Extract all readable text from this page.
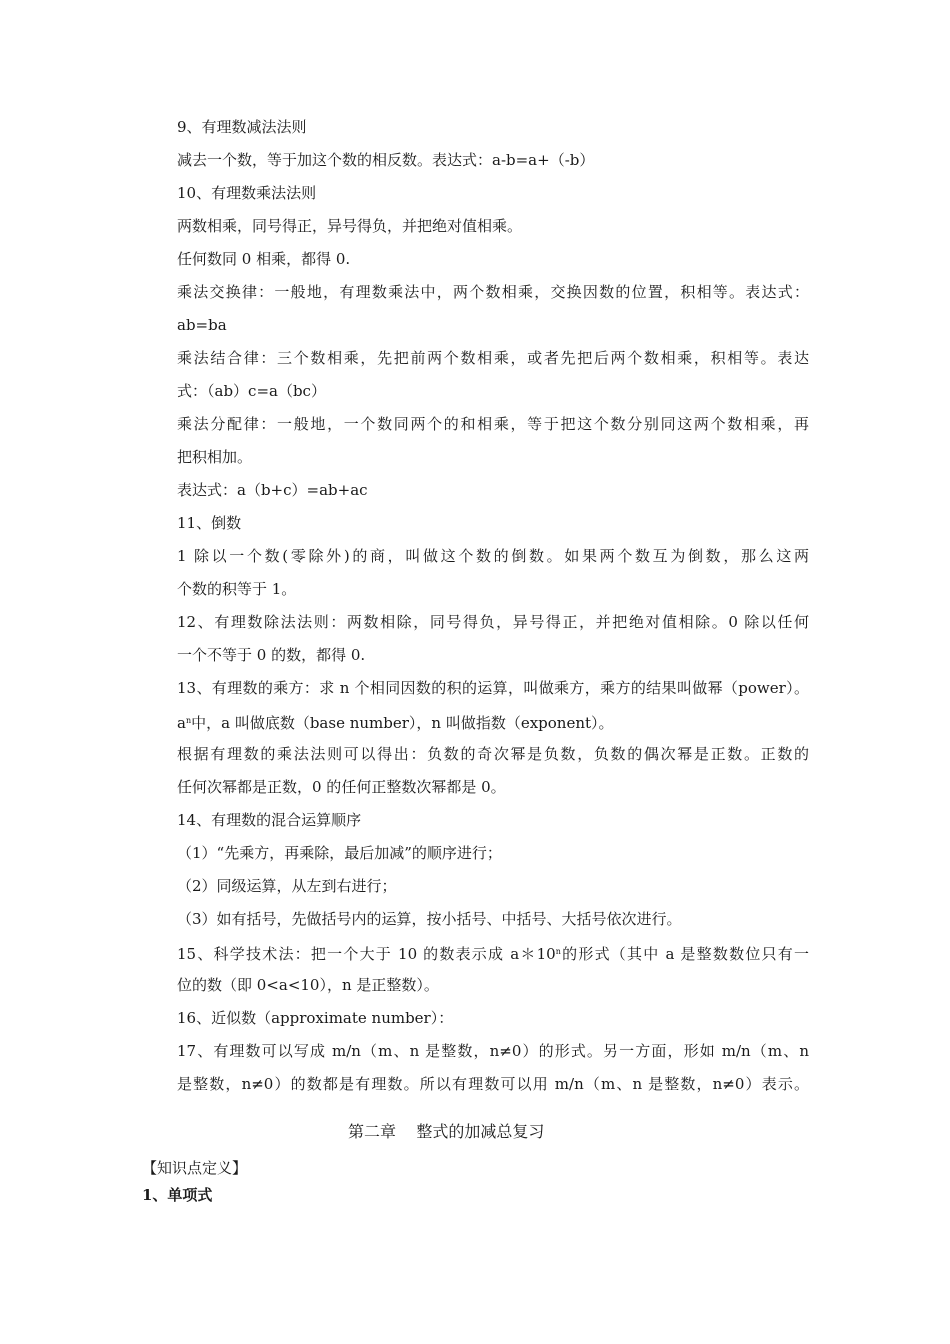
9、有理数减法法则
减去一个数，等于加这个数的相反数。表达式：a-b=a+（-b）
10、有理数乘法法则
两数相乘，同号得正，异号得负，并把绝对值相乘。
任何数同 0 相乘，都得 0.
乘法交换律：一般地，有理数乘法中，两个数相乘，交换因数的位置，积相等。表达式：
ab=ba
乘法结合律：三个数相乘，先把前两个数相乘，或者先把后两个数相乘，积相等。表达
式：（ab）c=a（bc）
乘法分配律：一般地，一个数同两个的和相乘，等于把这个数分别同这两个数相乘，再
把积相加。
表达式：a（b+c）=ab+ac
11、倒数
1 除以一个数(零除外)的商，叫做这个数的倒数。如果两个数互为倒数，那么这两
个数的积等于 1。
12、有理数除法法则：两数相除，同号得负，异号得正，并把绝对值相除。0 除以任何
一个不等于 0 的数，都得 0.
13、有理数的乘方：求 n 个相同因数的积的运算，叫做乘方，乘方的结果叫做幂（power）。
$a^n$中，a 叫做底数（base number），n 叫做指数（exponent）。
根据有理数的乘法法则可以得出：负数的奇次幂是负数，负数的偶次幂是正数。正数的
任何次幂都是正数，0 的任何正整数次幂都是 0。
14、有理数的混合运算顺序
（1）“先乘方，再乘除，最后加减”的顺序进行；
（2）同级运算，从左到右进行；
（3）如有括号，先做括号内的运算，按小括号、中括号、大括号依次进行。
15、科学技术法：把一个大于 10 的数表示成 a＊10$^n$的形式（其中 a 是整数数位只有一
位的数（即 0<a<10），n 是正整数）。
16、近似数（approximate number）：
17、有理数可以写成 m/n（m、n 是整数，n≠0）的形式。另一方面，形如 m/n（m、n
是整数，n≠0）的数都是有理数。所以有理数可以用 m/n（m、n 是整数，n≠0）表示。
第二章    整式的加减总复习
【知识点定义】
1、单项式
